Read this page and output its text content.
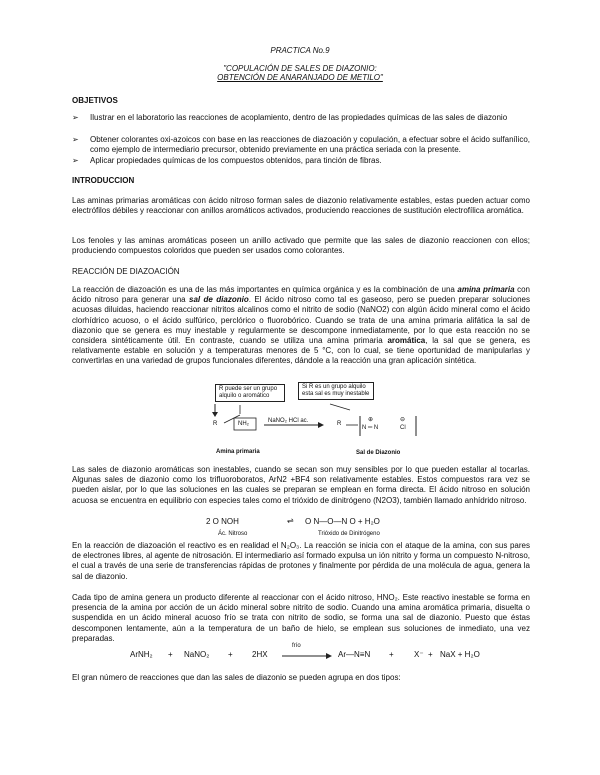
PRACTICA No.9
"COPULACIÓN DE SALES DE DIAZONIO:
OBTENCIÓN DE ANARANJADO DE METILO"
OBJETIVOS
➢ Ilustrar en el laboratorio las reacciones de acoplamiento, dentro de las propiedades químicas de las sales de diazonio
➢ Obtener colorantes oxi-azoicos con base en las reacciones de diazoación y copulación, a efectuar sobre el ácido sulfanílico, como ejemplo de intermediario precursor, obtenido previamente en una práctica seriada con la presente.
➢ Aplicar propiedades químicas de los compuestos obtenidos, para tinción de fibras.
INTRODUCCION
Las aminas primarias aromáticas con ácido nitroso forman sales de diazonio relativamente estables, estas pueden actuar como electrófilos débiles y reaccionar con anillos aromáticos activados, produciendo reacciones de sustitución electrofílica aromática.
Los fenoles y las aminas aromáticas poseen un anillo activado que permite que las sales de diazonio reaccionen con ellos; produciendo compuestos coloridos que pueden ser usados como colorantes.
REACCIÓN DE DIAZOACIÓN
La reacción de diazoación es una de las más importantes en química orgánica y es la combinación de una amina primaria con ácido nitroso para generar una sal de diazonio. El ácido nitroso como tal es gaseoso, pero se pueden preparar soluciones acuosas diluidas, haciendo reaccionar nitritos alcalinos como el nitrito de sodio (NaNO2) con algún ácido mineral como el ácido clorhídrico acuoso, o el ácido sulfúrico, perclórico o fluorobórico. Cuando se trata de una amina primaria alifática la sal de diazonio que se genera es muy inestable y regularmente se descompone inmediatamente, por lo que esta reacción no se considera sintéticamente útil. En contraste, cuando se utiliza una amina primaria aromática, la sal que se genera, es relativamente estable en solución y a temperaturas menores de 5 °C, con lo cual, se tiene oportunidad de manipularlas y convertirlas en una variedad de grupos funcionales diferentes, dándole a la reacción una gran aplicación sintética.
R puede ser un grupo alquilo o aromático
Si R es un grupo alquilo esta sal es muy inestable
R	NH₂	NaNO₂ HCl ac.	R
⊕	⊖
N ═ N	Cl
Amina primaria	Sal de Diazonio
Las sales de diazonio aromáticas son inestables, cuando se secan son muy sensibles por lo que pueden estallar al tocarlas. Algunas sales de diazonio como los trifluoroboratos, ArN2 +BF4 son relativamente estables. Estos compuestos rara vez se pueden aislar, por lo que las soluciones en las cuales se preparan se emplean en forma directa. El ácido nitroso en solución acuosa se encuentra en equilibrio con especies tales como el trióxido de dinitrógeno (N2O3), también llamado anhídrido nitroso.
2 O NOH	⇌ O N—O—N O + H₂O
Ác. Nitroso	Trióxido de Dinitrógeno
En la reacción de diazoación el reactivo es en realidad el N₂O₃. La reacción se inicia con el ataque de la amina, con sus pares de electrones libres, al agente de nitrosación. El intermediario así formado expulsa un ión nitrito y forma un compuesto N-nitroso, el cual a través de una serie de transferencias rápidas de protones y finalmente por pérdida de una molécula de agua, genera la sal de diazonio.
Cada tipo de amina genera un producto diferente al reaccionar con el ácido nitroso, HNO₂. Este reactivo inestable se forma en presencia de la amina por acción de un ácido mineral sobre nitrito de sodio. Cuando una amina aromática primaria, disuelta o suspendida en un ácido mineral acuoso frío se trata con nitrito de sodio, se forma una sal de diazonio. Puesto que éstas descomponen lentamente, aún a la temperatura de un baño de hielo, se emplean sus soluciones de inmediato, una vez preparadas.
ArNH₂ + NaNO₂ + 2HX
frío
Ar—N≡N +	X⁻ + NaX + H₂O
El gran número de reacciones que dan las sales de diazonio se pueden agrupa en dos tipos:
